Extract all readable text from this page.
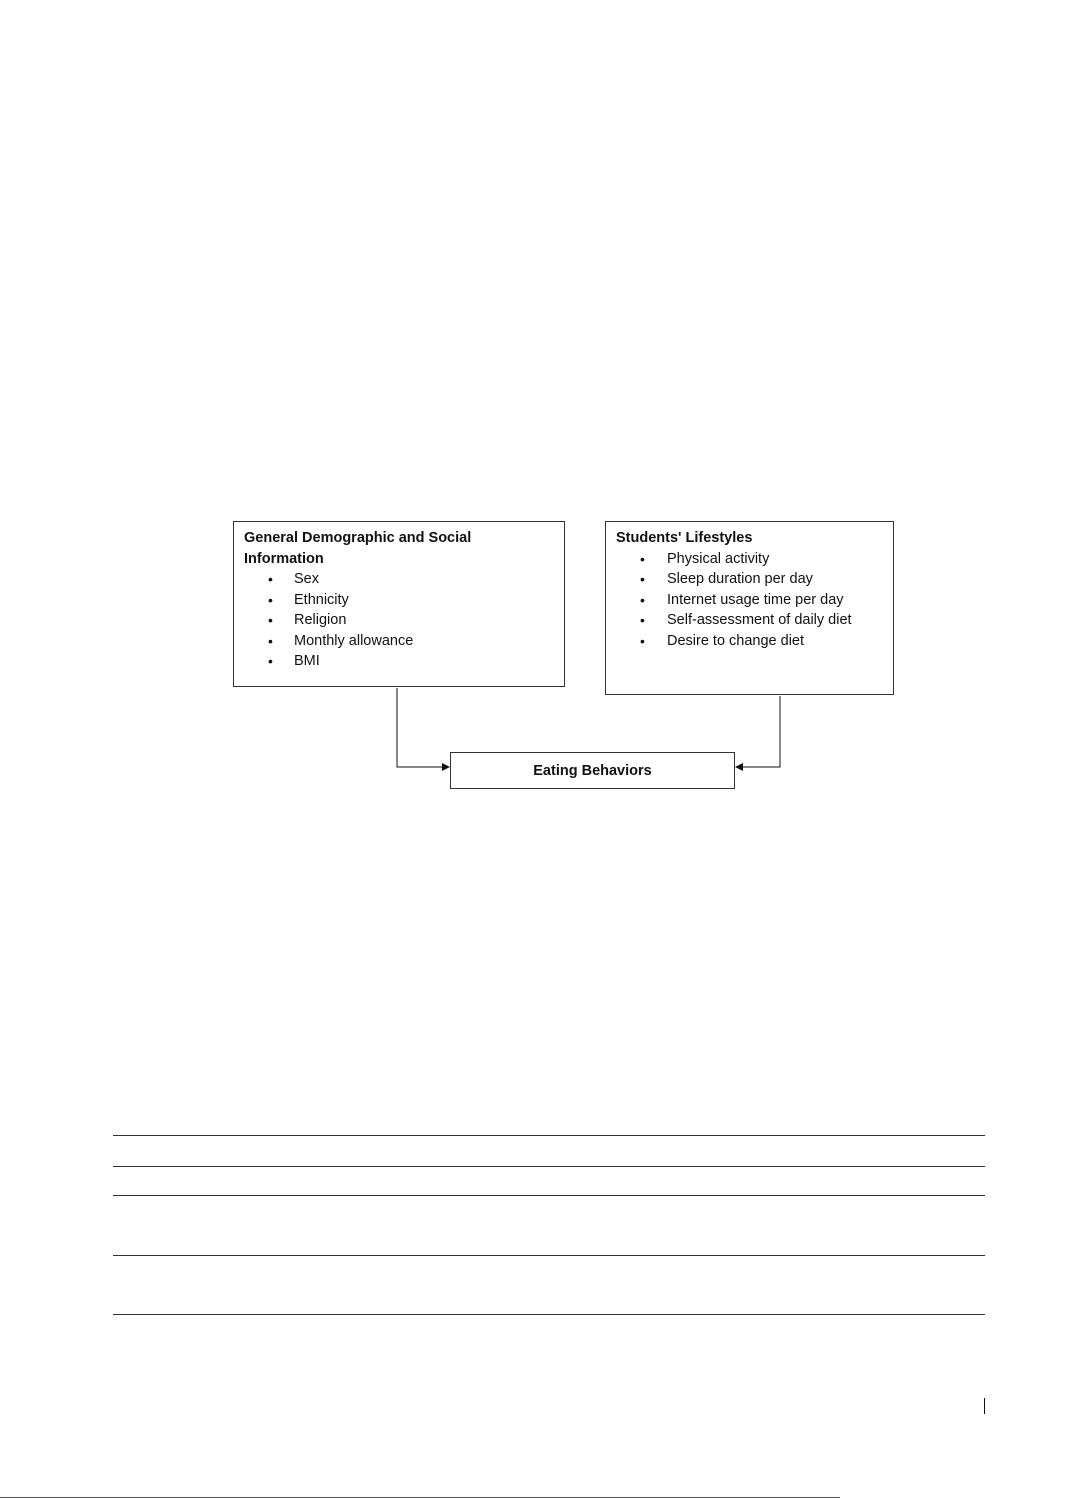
General Demographic and Social Information
• Sex
• Ethnicity
• Religion
• Monthly allowance
• BMI
Students' Lifestyles
• Physical activity
• Sleep duration per day
• Internet usage time per day
• Self-assessment of daily diet
• Desire to change diet
Eating Behaviors
